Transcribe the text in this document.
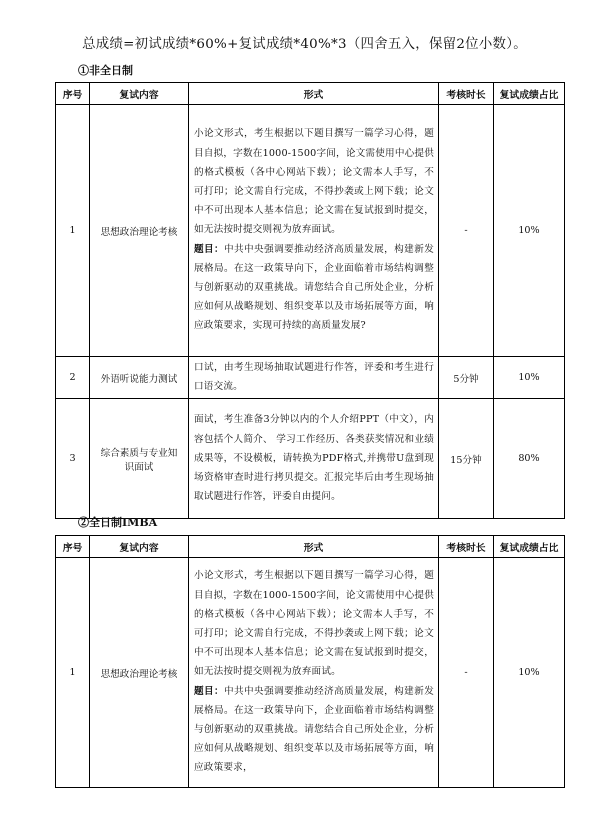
总成绩=初试成绩*60%+复试成绩*40%*3（四舍五入，保留2位小数）。
①非全日制
序号	复试内容	形式	考核时长	复试成绩占比
1	思想政治理论考核	小论文形式，考生根据以下题目撰写一篇学习心得，题目自拟，字数在1000-1500字间，论文需使用中心提供的格式模板（各中心网站下载）；论文需本人手写，不可打印；论文需自行完成，不得抄袭或上网下载；论文中不可出现本人基本信息；论文需在复试报到时提交，如无法按时提交则视为放弃面试。

题目：中共中央强调要推动经济高质量发展，构建新发展格局。在这一政策导向下，企业面临着市场结构调整与创新驱动的双重挑战。请您结合自己所处企业，分析应如何从战略规划、组织变革以及市场拓展等方面，响应政策要求，实现可持续的高质量发展?	-	10%
2	外语听说能力测试	口试，由考生现场抽取试题进行作答，评委和考生进行口语交流。	5分钟	10%
3	综合素质与专业知识面试	面试，考生准备3分钟以内的个人介绍PPT（中文），内容包括个人简介、 学习工作经历、各类获奖情况和业绩成果等，不设模板，请转换为PDF格式,并携带U盘到现场资格审查时进行拷贝提交。汇报完毕后由考生现场抽取试题进行作答，评委自由提问。	15分钟	80%
②全日制IMBA
序号	复试内容	形式	考核时长	复试成绩占比
1	思想政治理论考核	小论文形式，考生根据以下题目撰写一篇学习心得，题目自拟，字数在1000-1500字间，论文需使用中心提供的格式模板（各中心网站下载）；论文需本人手写，不可打印；论文需自行完成，不得抄袭或上网下载；论文中不可出现本人基本信息；论文需在复试报到时提交，如无法按时提交则视为放弃面试。

题目：中共中央强调要推动经济高质量发展，构建新发展格局。在这一政策导向下，企业面临着市场结构调整与创新驱动的双重挑战。请您结合自己所处企业，分析应如何从战略规划、组织变革以及市场拓展等方面，响应政策要求，	-	10%
